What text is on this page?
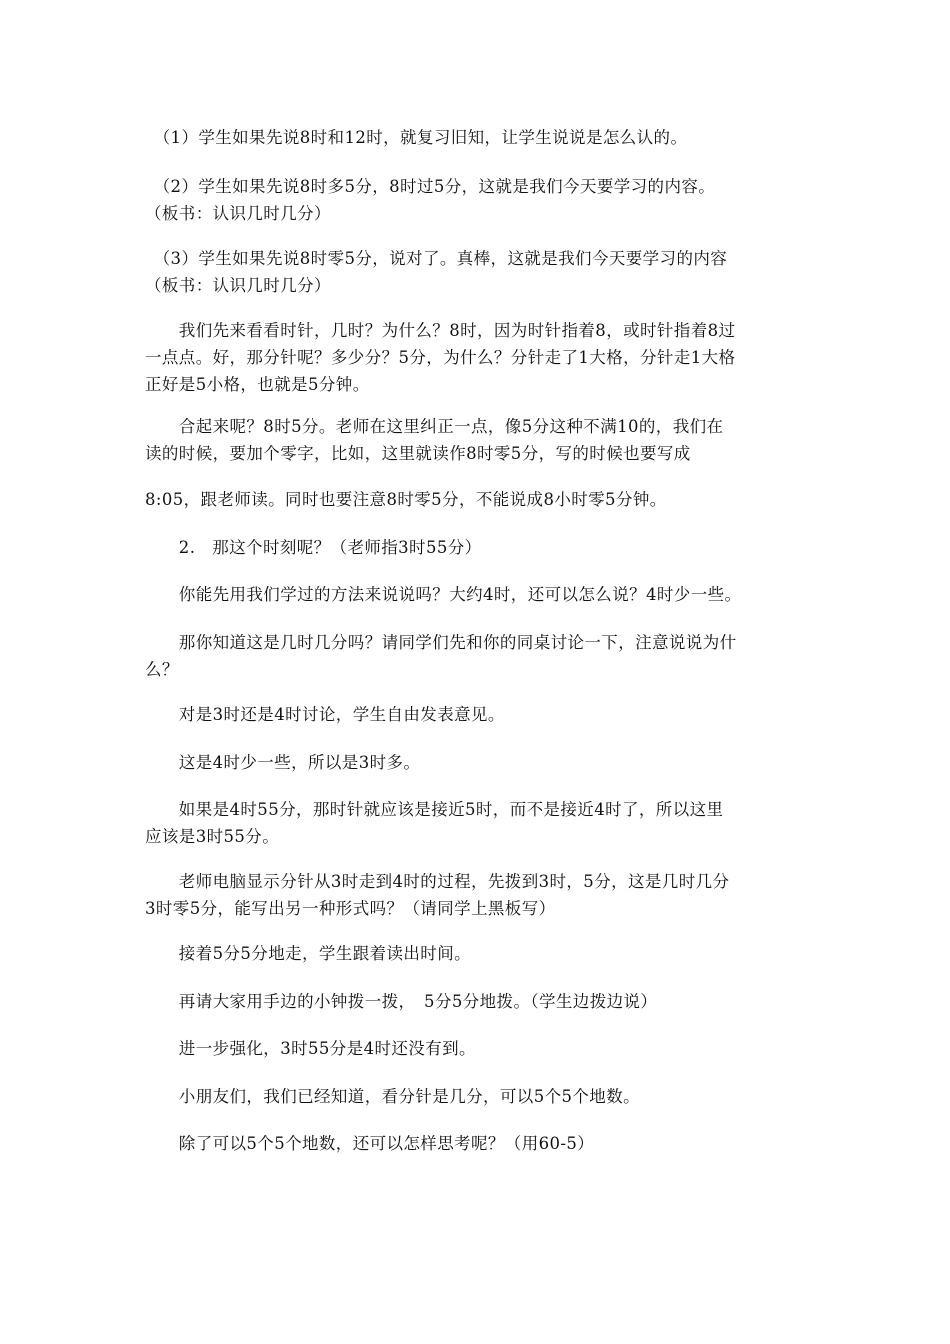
　（1）学生如果先说8时和12时，就复习旧知，让学生说说是怎么认的。

　（2）学生如果先说8时多5分，8时过5分，这就是我们今天要学习的内容。
（板书：认识几时几分）

　（3）学生如果先说8时零5分，说对了。真棒，这就是我们今天要学习的内容
（板书：认识几时几分）

　　我们先来看看时针，几时？为什么？8时，因为时针指着8，或时针指着8过
一点点。好，那分针呢？多少分？5分，为什么？分针走了1大格，分针走1大格
正好是5小格，也就是5分钟。

　　合起来呢？8时5分。老师在这里纠正一点，像5分这种不满10的，我们在
读的时候，要加个零字，比如，这里就读作8时零5分，写的时候也要写成

8:05，跟老师读。同时也要注意8时零5分，不能说成8小时零5分钟。

　　2.　那这个时刻呢？（老师指3时55分）

　　你能先用我们学过的方法来说说吗？大约4时，还可以怎么说？4时少一些。

　　那你知道这是几时几分吗？请同学们先和你的同桌讨论一下，注意说说为什
么？

　　对是3时还是4时讨论，学生自由发表意见。

　　这是4时少一些，所以是3时多。

　　如果是4时55分，那时针就应该是接近5时，而不是接近4时了，所以这里
应该是3时55分。

　　老师电脑显示分针从3时走到4时的过程，先拨到3时，5分，这是几时几分
3时零5分，能写出另一种形式吗？（请同学上黑板写）

　　接着5分5分地走，学生跟着读出时间。

　　再请大家用手边的小钟拨一拨，　5分5分地拨。（学生边拨边说）

　　进一步强化，3时55分是4时还没有到。

　　小朋友们，我们已经知道，看分针是几分，可以5个5个地数。

　　除了可以5个5个地数，还可以怎样思考呢？（用60-5）
